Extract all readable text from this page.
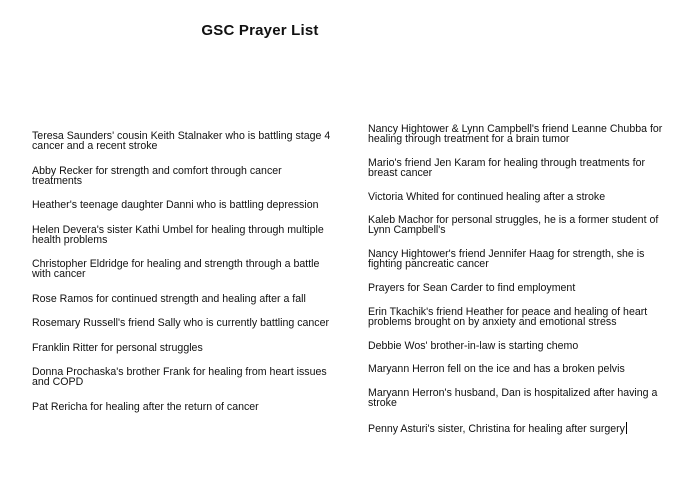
GSC Prayer List
Teresa Saunders' cousin Keith Stalnaker who is battling stage 4 cancer and a recent stroke
Abby Recker for strength and comfort through cancer treatments
Heather's teenage daughter Danni who is battling depression
Helen Devera's sister Kathi Umbel for healing through multiple health problems
Christopher Eldridge for healing and strength through a battle with cancer
Rose Ramos for continued strength and healing after a fall
Rosemary Russell's friend Sally who is currently battling cancer
Franklin Ritter for personal struggles
Donna Prochaska's brother Frank for healing from heart issues and COPD
Pat Rericha for healing after the return of cancer
Nancy Hightower & Lynn Campbell's friend Leanne Chubba for healing through treatment for a brain tumor
Mario's friend Jen Karam for healing through treatments for breast cancer
Victoria Whited for continued healing after a stroke
Kaleb Machor for personal struggles, he is a former student of Lynn Campbell's
Nancy Hightower's friend Jennifer Haag for strength, she is fighting pancreatic cancer
Prayers for Sean Carder to find employment
Erin Tkachik's friend Heather for peace and healing of heart problems brought on by anxiety and emotional stress
Debbie Wos' brother-in-law is starting chemo
Maryann Herron fell on the ice and has a broken pelvis
Maryann Herron's husband, Dan is hospitalized after having a stroke
Penny Asturi's sister, Christina for healing after surgery
